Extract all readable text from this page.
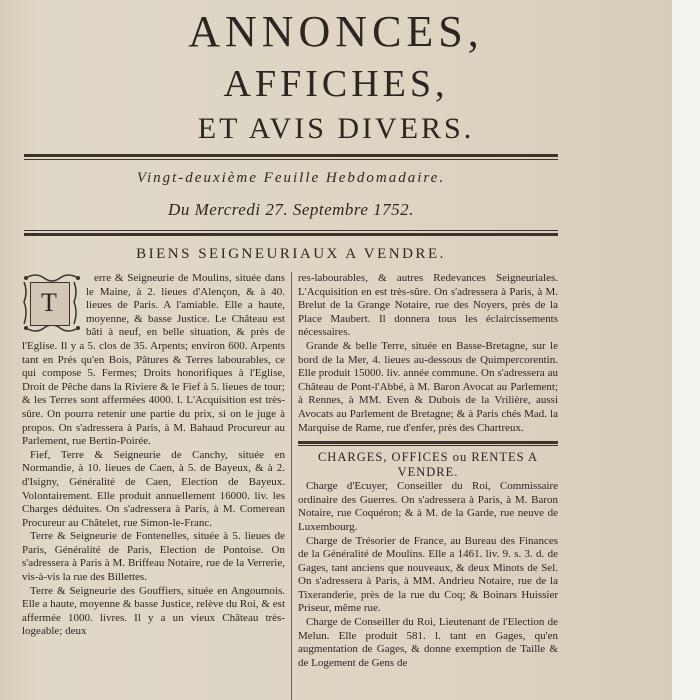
ANNONCES,
AFFICHES,
ET AVIS DIVERS.
Vingt-deuxième Feuille Hebdomadaire.
Du Mercredi 27. Septembre 1752.
BIENS SEIGNEURIAUX A VENDRE.
T

erre & Seigneurie de Moulins, située dans le Maine, à 2. lieues d'Alençon, & à 40. lieues de Paris. A l'amiable. Elle a haute, moyenne, & basse Justice. Le Château est bâti à neuf, en belle situation, & près de l'Eglise. Il y a 5. clos de 35. Arpents; environ 600. Arpents tant en Prés qu'en Bois, Pâtures & Terres labourables, ce qui compose 5. Fermes; Droits honorifiques à l'Eglise, Droit de Pêche dans la Riviere & le Fief à 5. lieues de tour; & les Terres sont affermées 4000. l. L'Acquisition est très-sûre. On pourra retenir une partie du prix, si on le juge à propos. On s'adressera à Paris, à M. Bahaud Procureur au Parlement, rue Bertin-Poirée.

Fief, Terre & Seigneurie de Canchy, située en Normandie, à 10. lieues de Caen, à 5. de Bayeux, & à 2. d'Isigny, Généralité de Caen, Election de Bayeux. Volontairement. Elle produit annuellement 16000. liv. les Charges déduites. On s'adressera à Paris, à M. Comerean Procureur au Châtelet, rue Simon-le-Franc.

Terre & Seigneurie de Fontenelles, située à 5. lieues de Paris, Généralité de Paris, Election de Pontoise. On s'adressera à Paris à M. Briffeau Notaire, rue de la Verrerie, vis-à-vis la rue des Billettes.

Terre & Seigneurie des Gouffiers, située en Angoumois. Elle a haute, moyenne & basse Justice, relève du Roi, & est affermée 1000. livres. Il y a un vieux Château très-logeable; deux

res-labourables, & autres Redevances Seigneuriales. L'Acquisition en est très-sûre. On s'adressera à Paris, à M. Brelut de la Grange Notaire, rue des Noyers, près de la Place Maubert. Il donnera tous les éclaircissements nécessaires.

Grande & belle Terre, située en Basse-Bretagne, sur le bord de la Mer, 4. lieues au-dessous de Quimpercorentin. Elle produit 15000. liv. année commune. On s'adressera au Château de Pont-l'Abbé, à M. Baron Avocat au Parlement; à Rennes, à MM. Even & Dubois de la Vrilière, aussi Avocats au Parlement de Bretagne; & à Paris chés Mad. la Marquise de Rame, rue d'enfer, près des Chartreux.

CHARGES, OFFICES ou RENTES A VENDRE.

Charge d'Ecuyer, Conseiller du Roi, Commissaire ordinaire des Guerres. On s'adressera à Paris, à M. Baron Notaire, rue Coquéron; & à M. de la Garde, rue neuve de Luxembourg.

Charge de Trésorier de France, au Bureau des Finances de la Généralité de Moulins. Elle a 1461. liv. 9. s. 3. d. de Gages, tant anciens que nouveaux, & deux Minots de Sel. On s'adressera à Paris, à MM. Andrieu Notaire, rue de la Tixeranderie, près de la rue du Coq; & Boinars Huissier Priseur, même rue.

Charge de Conseiller du Roi, Lieutenant de l'Election de Melun. Elle produit 581. l. tant en Gages, qu'en augmentation de Gages, & donne exemption de Taille & de Logement de Gens de
